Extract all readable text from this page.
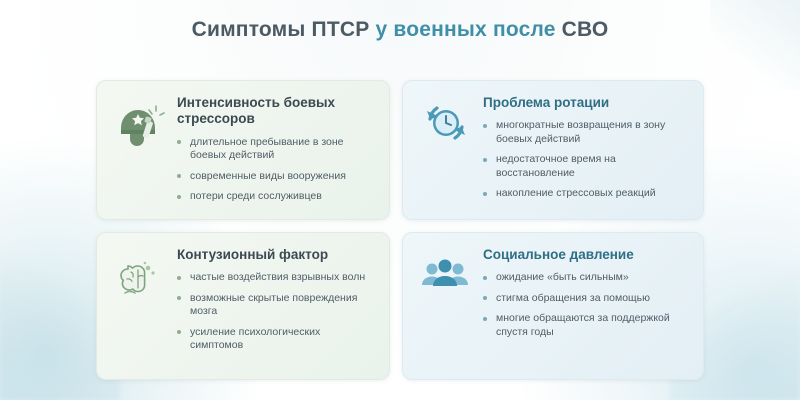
Симптомы ПТСР у военных после СВО
Интенсивность боевых стрессоров
длительное пребывание в зоне боевых действий
современные виды вооружения
потери среди сослуживцев
Проблема ротации
многократные возвращения в зону боевых действий
недостаточное время на восстановление
накопление стрессовых реакций
Контузионный фактор
частые воздействия взрывных волн
возможные скрытые повреждения мозга
усиление психологических симптомов
Социальное давление
ожидание «быть сильным»
стигма обращения за помощью
многие обращаются за поддержкой спустя годы
